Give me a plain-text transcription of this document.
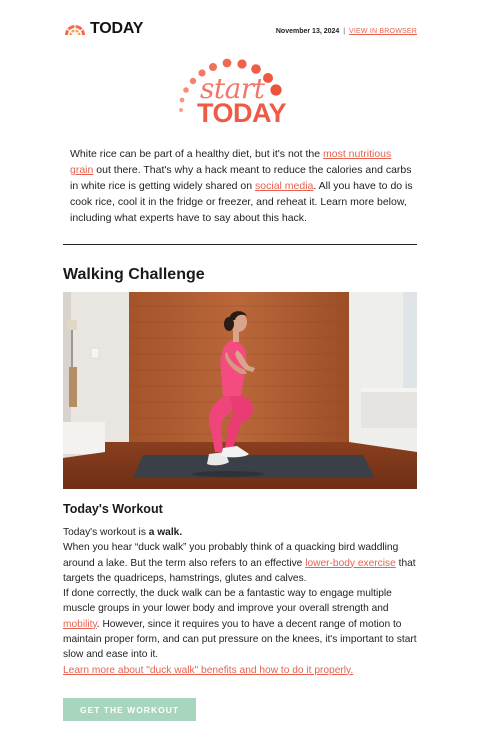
TODAY	November 13, 2024 | VIEW IN BROWSER
start
TODAY
White rice can be part of a healthy diet, but it's not the most nutritious grain out there. That's why a hack meant to reduce the calories and carbs in white rice is getting widely shared on social media. All you have to do is cook rice, cool it in the fridge or freezer, and reheat it. Learn more below, including what experts have to say about this hack.
Walking Challenge
Today's Workout

Today's workout is a walk.

When you hear “duck walk” you probably think of a quacking bird waddling around a lake. But the term also refers to an effective lower-body exercise that targets the quadriceps, hamstrings, glutes and calves.

If done correctly, the duck walk can be a fantastic way to engage multiple muscle groups in your lower body and improve your overall strength and mobility. However, since it requires you to have a decent range of motion to maintain proper form, and can put pressure on the knees, it's important to start slow and ease into it.

Learn more about "duck walk" benefits and how to do it properly.

GET THE WORKOUT
